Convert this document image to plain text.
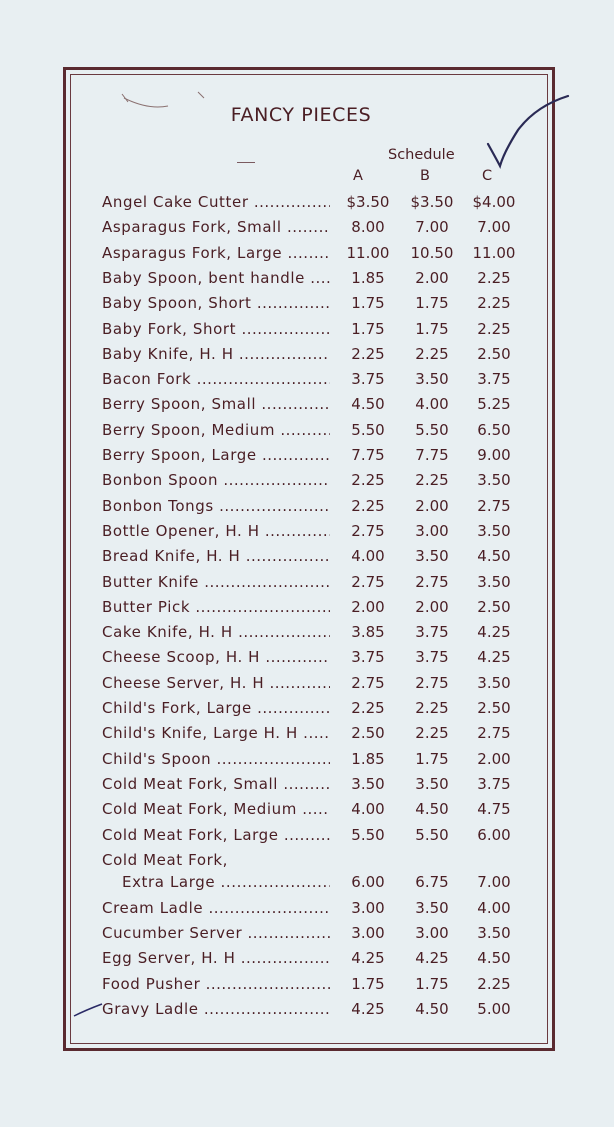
FANCY PIECES
Schedule
A	B	C
Angel Cake Cutter .....	$3.50	$3.50	$4.00
Asparagus Fork, Small .....	8.00	7.00	7.00
Asparagus Fork, Large .....	11.00	10.50	11.00
Baby Spoon, bent handle .....	1.85	2.00	2.25
Baby Spoon, Short .....	1.75	1.75	2.25
Baby Fork, Short .....	1.75	1.75	2.25
Baby Knife, H. H .....	2.25	2.25	2.50
Bacon Fork .....	3.75	3.50	3.75
Berry Spoon, Small .....	4.50	4.00	5.25
Berry Spoon, Medium .....	5.50	5.50	6.50
Berry Spoon, Large .....	7.75	7.75	9.00
Bonbon Spoon .....	2.25	2.25	3.50
Bonbon Tongs .....	2.25	2.00	2.75
Bottle Opener, H. H .....	2.75	3.00	3.50
Bread Knife, H. H .....	4.00	3.50	4.50
Butter Knife .....	2.75	2.75	3.50
Butter Pick .....	2.00	2.00	2.50
Cake Knife, H. H .....	3.85	3.75	4.25
Cheese Scoop, H. H .....	3.75	3.75	4.25
Cheese Server, H. H .....	2.75	2.75	3.50
Child's Fork, Large .....	2.25	2.25	2.50
Child's Knife, Large H. H .....	2.50	2.25	2.75
Child's Spoon .....	1.85	1.75	2.00
Cold Meat Fork, Small .....	3.50	3.50	3.75
Cold Meat Fork, Medium .....	4.00	4.50	4.75
Cold Meat Fork, Large .....	5.50	5.50	6.00
Cold Meat Fork,
Extra Large .....	6.00	6.75	7.00
Cream Ladle .....	3.00	3.50	4.00
Cucumber Server .....	3.00	3.00	3.50
Egg Server, H. H .....	4.25	4.25	4.50
Food Pusher .....	1.75	1.75	2.25
Gravy Ladle .....	4.25	4.50	5.00
